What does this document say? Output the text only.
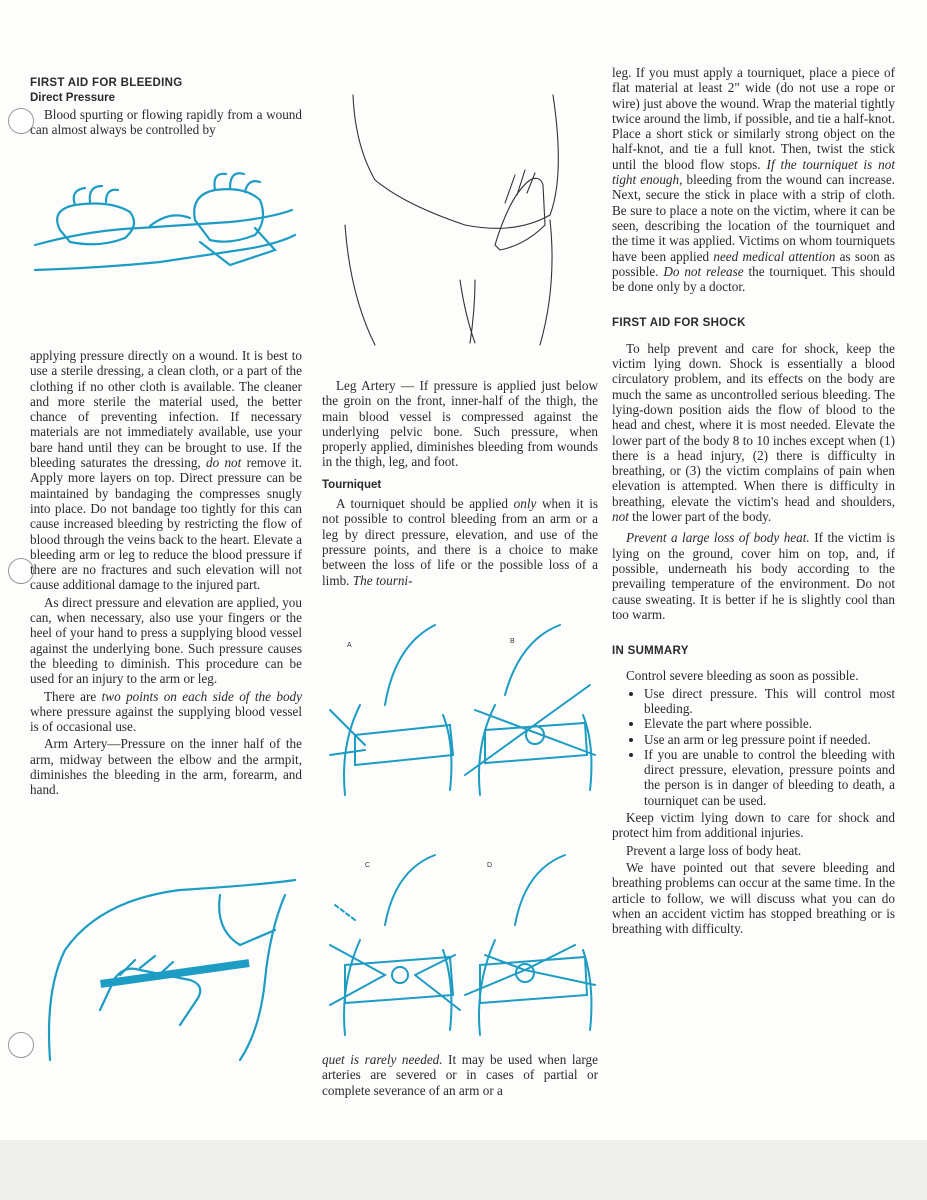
FIRST AID FOR BLEEDING
Direct Pressure

Blood spurting or flowing rapidly from a wound can almost always be controlled by

applying pressure directly on a wound. It is best to use a sterile dressing, a clean cloth, or a part of the clothing if no other cloth is available. The cleaner and more sterile the material used, the better chance of preventing infection. If necessary materials are not immediately available, use your bare hand until they can be brought to use. If the bleeding saturates the dressing, do not remove it. Apply more layers on top. Direct pressure can be maintained by bandaging the compresses snugly into place. Do not bandage too tightly for this can cause increased bleeding by restricting the flow of blood through the veins back to the heart. Elevate a bleeding arm or leg to reduce the blood pressure if there are no fractures and such elevation will not cause additional damage to the injured part.

As direct pressure and elevation are applied, you can, when necessary, also use your fingers or the heel of your hand to press a supplying blood vessel against the underlying bone. Such pressure causes the bleeding to diminish. This procedure can be used for an injury to the arm or leg.

There are two points on each side of the body where pressure against the supplying blood vessel is of occasional use.

Arm Artery—Pressure on the inner half of the arm, midway between the elbow and the armpit, diminishes the bleeding in the arm, forearm, and hand.

Leg Artery — If pressure is applied just below the groin on the front, inner-half of the thigh, the main blood vessel is compressed against the underlying pelvic bone. Such pressure, when properly applied, diminishes bleeding from wounds in the thigh, leg, and foot.

Tourniquet

A tourniquet should be applied only when it is not possible to control bleeding from an arm or a leg by direct pressure, elevation, and use of the pressure points, and there is a choice to make between the loss of life or the possible loss of a limb. The tourni-

A
B
C	D

quet is rarely needed. It may be used when large arteries are severed or in cases of partial or complete severance of an arm or a

leg. If you must apply a tourniquet, place a piece of flat material at least 2" wide (do not use a rope or wire) just above the wound. Wrap the material tightly twice around the limb, if possible, and tie a half-knot. Place a short stick or similarly strong object on the half-knot, and tie a full knot. Then, twist the stick until the blood flow stops. If the tourniquet is not tight enough, bleeding from the wound can increase. Next, secure the stick in place with a strip of cloth. Be sure to place a note on the victim, where it can be seen, describing the location of the tourniquet and the time it was applied. Victims on whom tourniquets have been applied need medical attention as soon as possible. Do not release the tourniquet. This should be done only by a doctor.

FIRST AID FOR SHOCK

To help prevent and care for shock, keep the victim lying down. Shock is essentially a blood circulatory problem, and its effects on the body are much the same as uncontrolled serious bleeding. The lying-down position aids the flow of blood to the head and chest, where it is most needed. Elevate the lower part of the body 8 to 10 inches except when (1) there is a head injury, (2) there is difficulty in breathing, or (3) the victim complains of pain when elevation is attempted. When there is difficulty in breathing, elevate the victim's head and shoulders, not the lower part of the body.

Prevent a large loss of body heat. If the victim is lying on the ground, cover him on top, and, if possible, underneath his body according to the prevailing temperature of the environment. Do not cause sweating. It is better if he is slightly cool than too warm.

IN SUMMARY

Control severe bleeding as soon as possible.

• Use direct pressure. This will control most bleeding.
• Elevate the part where possible.
• Use an arm or leg pressure point if needed.
• If you are unable to control the bleeding with direct pressure, elevation, pressure points and the person is in danger of bleeding to death, a tourniquet can be used.

Keep victim lying down to care for shock and protect him from additional injuries.

Prevent a large loss of body heat.

We have pointed out that severe bleeding and breathing problems can occur at the same time. In the article to follow, we will discuss what you can do when an accident victim has stopped breathing or is breathing with difficulty.
